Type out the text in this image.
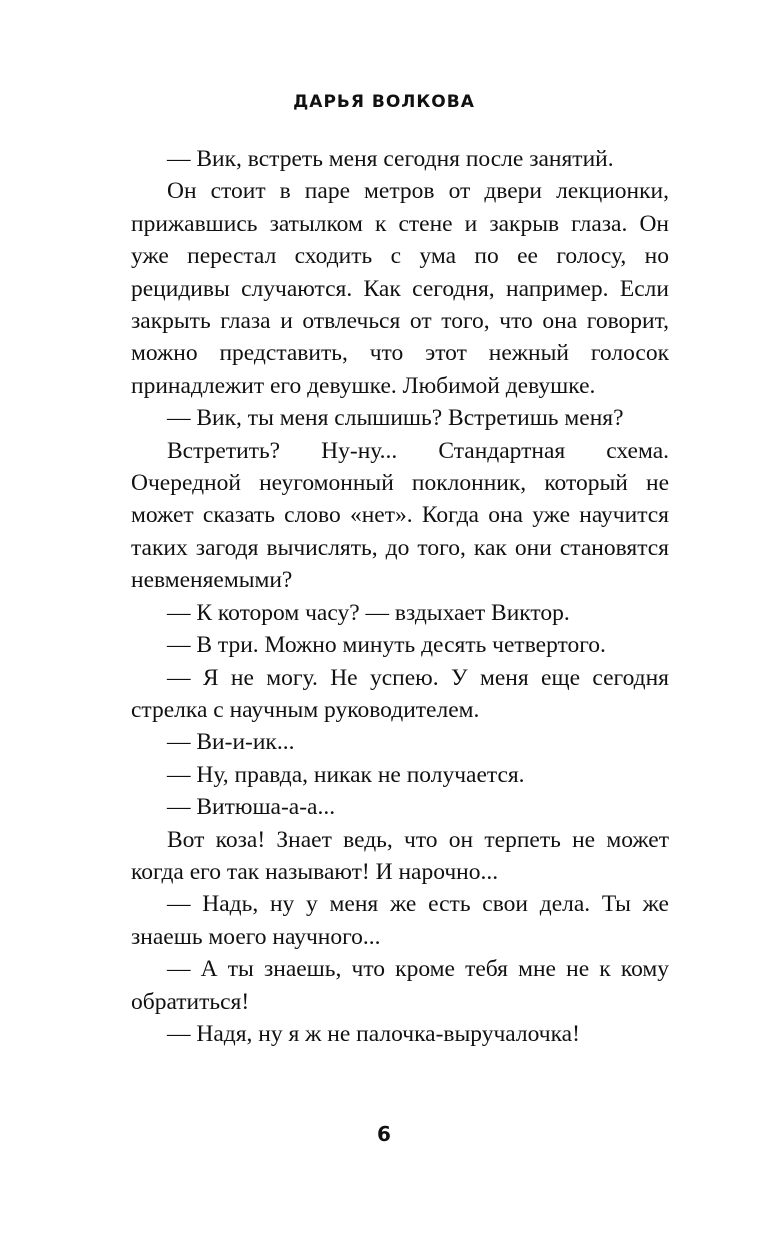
ДАРЬЯ ВОЛКОВА

— Вик, встреть меня сегодня после занятий.

Он стоит в паре метров от двери лекционки, прижавшись затылком к стене и закрыв глаза. Он уже перестал сходить с ума по ее голосу, но рецидивы случаются. Как сегодня, например. Если закрыть глаза и отвлечься от того, что она говорит, можно представить, что этот нежный голосок принадлежит его девушке. Любимой девушке.

— Вик, ты меня слышишь? Встретишь меня?

Встретить? Ну-ну... Стандартная схема. Очередной неугомонный поклонник, который не может сказать слово «нет». Когда она уже научится таких загодя вычислять, до того, как они становятся невменяемыми?

— К котором часу? — вздыхает Виктор.

— В три. Можно минуть десять четвертого.

— Я не могу. Не успею. У меня еще сегодня стрелка с научным руководителем.

— Ви-и-ик...

— Ну, правда, никак не получается.

— Витюша-а-а...

Вот коза! Знает ведь, что он терпеть не может когда его так называют! И нарочно...

— Надь, ну у меня же есть свои дела. Ты же знаешь моего научного...

— А ты знаешь, что кроме тебя мне не к кому обратиться!

— Надя, ну я ж не палочка-выручалочка!

6
